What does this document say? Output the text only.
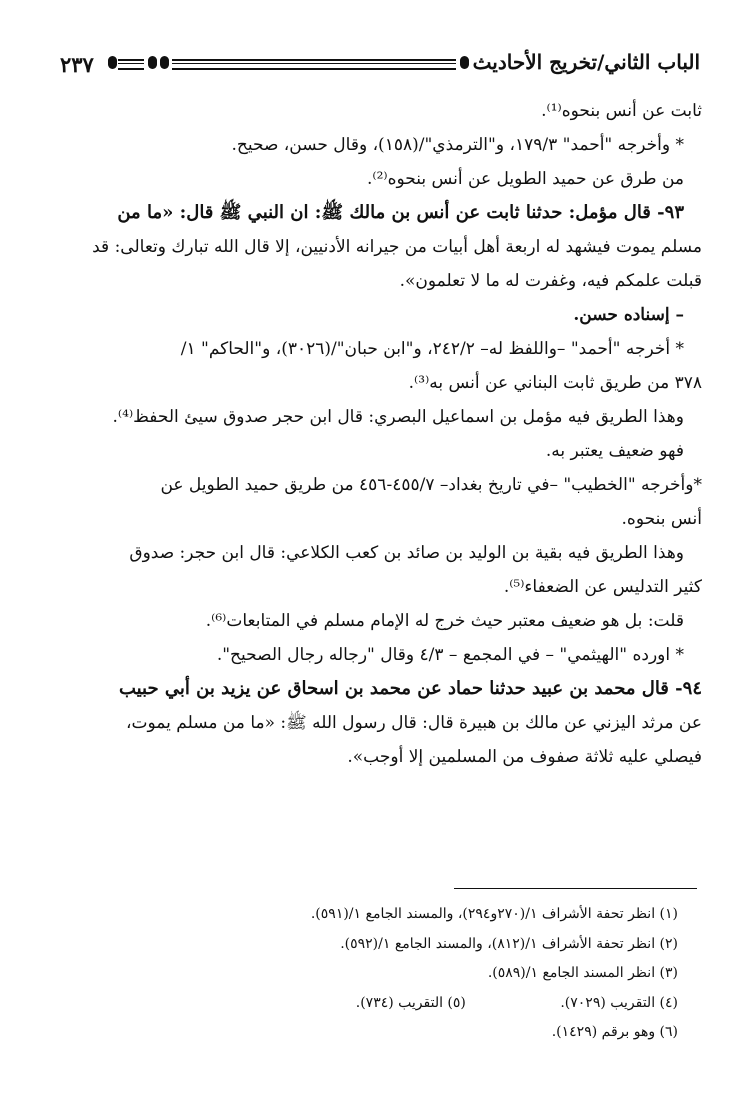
٢٣٧	الباب الثاني/تخريج الأحاديث
ثابت عن أنس بنحوه⁽¹⁾.
* وأخرجه "أحمد" ١٧٩/٣، و"الترمذي"/(١٥٨)، وقال حسن، صحيح.
من طرق عن حميد الطويل عن أنس بنحوه⁽²⁾.
٩٣- قال مؤمل: حدثنا ثابت عن أنس بن مالك ﷺ: ان النبي ﷺ قال: «ما من
مسلم يموت فيشهد له اربعة أهل أبيات من جيرانه الأدنيين، إلا قال الله تبارك وتعالى: قد
قبلت علمكم فيه، وغفرت له ما لا تعلمون».
– إسناده حسن.
* أخرجه "أحمد" –واللفظ له– ٢٤٢/٢، و"ابن حبان"/(٣٠٢٦)، و"الحاكم" ١/
٣٧٨ من طريق ثابت البناني عن أنس به⁽³⁾.
وهذا الطريق فيه مؤمل بن اسماعيل البصري: قال ابن حجر صدوق سيئ الحفظ⁽⁴⁾.
فهو ضعيف يعتبر به.
*وأخرجه "الخطيب" –في تاريخ بغداد– ٤٥٥/٧-٤٥٦ من طريق حميد الطويل عن
أنس بنحوه.
وهذا الطريق فيه بقية بن الوليد بن صائد بن كعب الكلاعي: قال ابن حجر: صدوق
كثير التدليس عن الضعفاء⁽⁵⁾.
قلت: بل هو ضعيف معتبر حيث خرج له الإمام مسلم في المتابعات⁽⁶⁾.
* اورده "الهيثمي" – في المجمع – ٤/٣ وقال "رجاله رجال الصحيح".
٩٤- قال محمد بن عبيد حدثنا حماد عن محمد بن اسحاق عن يزيد بن أبي حبيب
عن مرثد اليزني عن مالك بن هبيرة قال: قال رسول الله ﷺ: «ما من مسلم يموت،
فيصلي عليه ثلاثة صفوف من المسلمين إلا أوجب».
(١) انظر تحفة الأشراف ١/(٢٧٠و٢٩٤)، والمسند الجامع ١/(٥٩١).
(٢) انظر تحفة الأشراف ١/(٨١٢)، والمسند الجامع ١/(٥٩٢).
(٣) انظر المسند الجامع ١/(٥٨٩).
(٤) التقريب (٧٠٢٩). (٥) التقريب (٧٣٤).
(٦) وهو برقم (١٤٢٩).
